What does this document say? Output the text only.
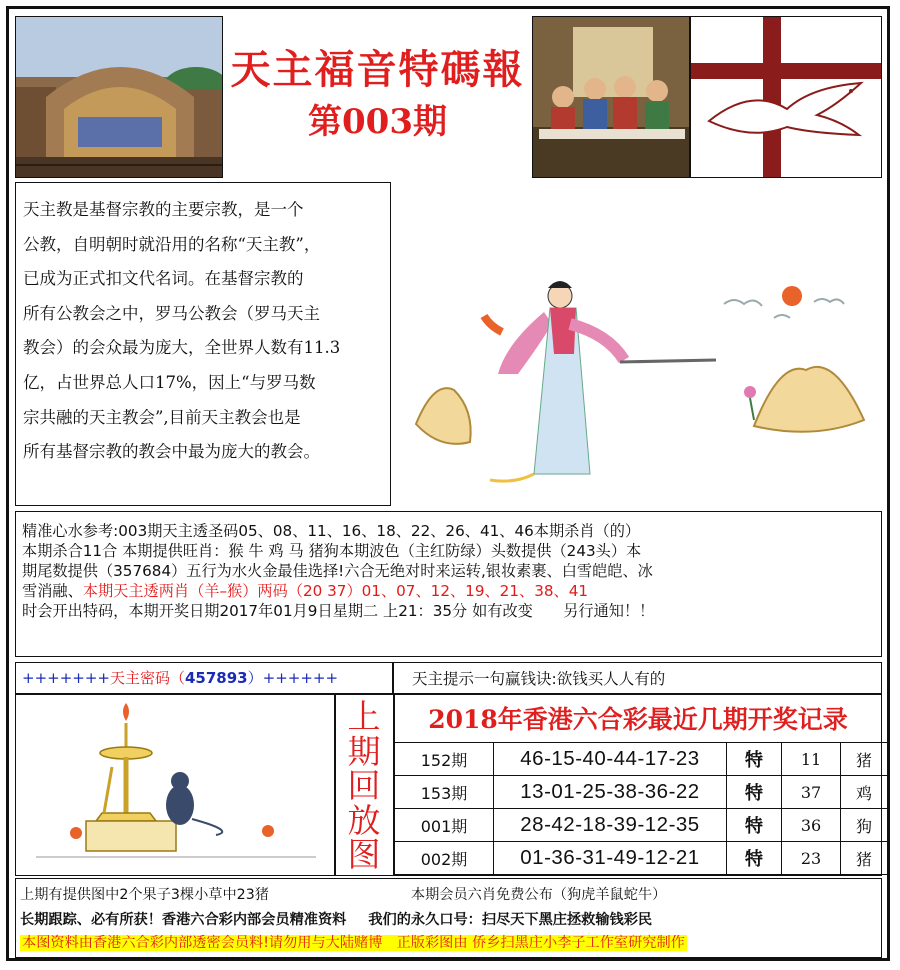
天主福音特碼報
第003期

天主教是基督宗教的主要宗教，是一个

公教，自明朝时就沿用的名称“天主教”，

已成为正式扣文代名词。在基督宗教的

所有公教会之中，罗马公教会（罗马天主

教会）的会众最为庞大，全世界人数有11.3

亿，占世界总人口17%，因上“与罗马数

宗共融的天主教会”,目前天主教会也是

所有基督宗教的教会中最为庞大的教会。

精准心水参考:003期天主透圣码05、08、11、16、18、22、26、41、46本期杀肖（的）

本期杀合11合 本期提供旺肖：猴 牛 鸡 马 猪狗本期波色（主红防绿）头数提供（243头）本

期尾数提供（357684）五行为水火金最佳选择!六合无绝对时来运转,银妆素裹、白雪皑皑、冰

雪消融、本期天主透两肖（羊–猴）两码（20 37）01、07、12、19、21、38、41

时会开出特码，本期开奖日期2017年01月9日星期二 上21：35分 如有改变　　另行通知！！

+++++++天主密码（457893）++++++	天主提示一句赢钱诀:欲钱买人人有的
上
期
回
放
图
2018年香港六合彩最近几期开奖记录
152期	46-15-40-44-17-23	特	11	猪
153期	13-01-25-38-36-22	特	37	鸡
001期	28-42-18-39-12-35	特	36	狗
002期	01-36-31-49-12-21	特	23	猪

上期有提供图中2个果子3棵小草中23猪	本期会员六肖免费公布（狗虎羊鼠蛇牛）

长期跟踪、必有所获！香港六合彩内部会员精准资料 我们的永久口号：扫尽天下黑庄拯救输钱彩民

本图资料由香港六合彩内部透密会员料!请勿用与大陆赌博　正版彩图由 侨乡扫黑庄小李子工作室研究制作
